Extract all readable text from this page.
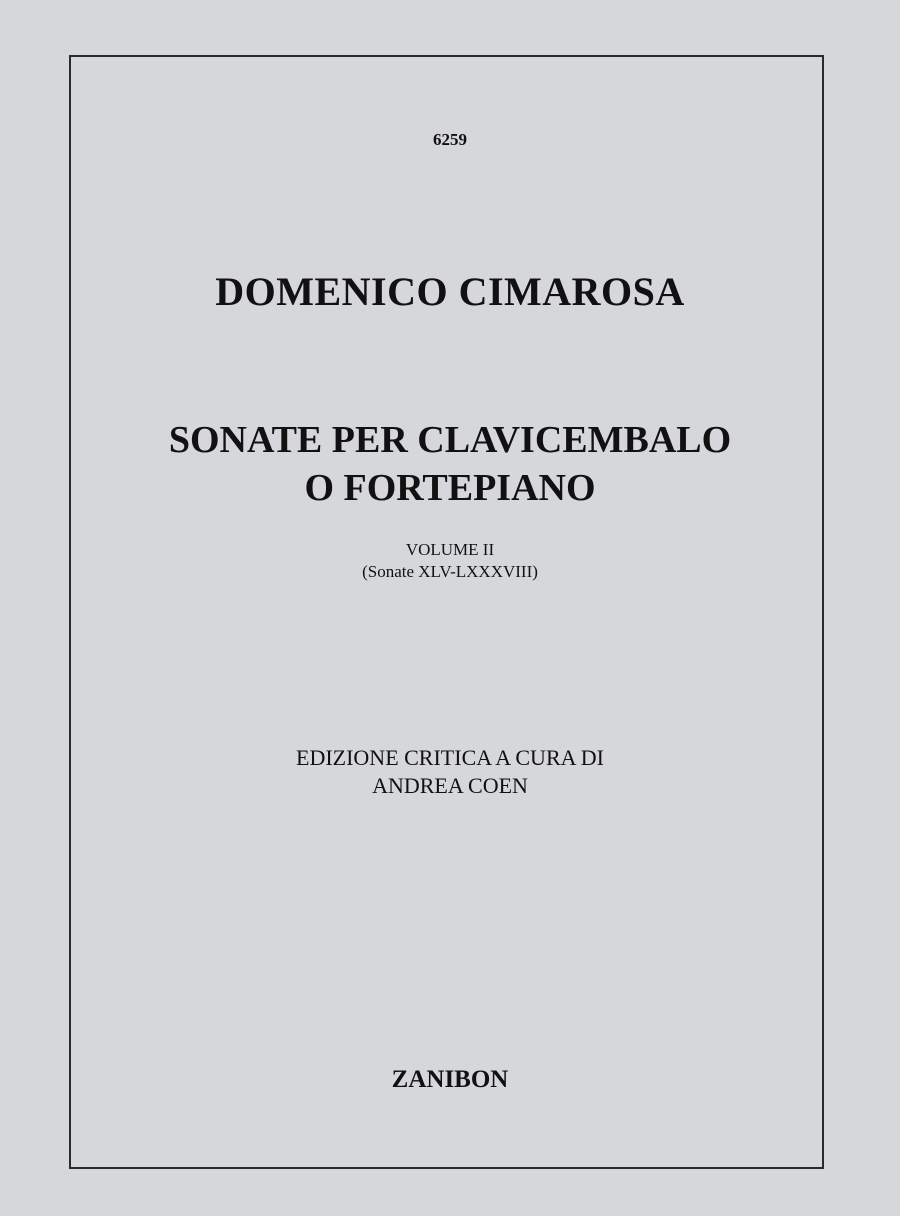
6259
DOMENICO CIMAROSA
SONATE PER CLAVICEMBALO
O FORTEPIANO
VOLUME II
(Sonate XLV-LXXXVIII)
EDIZIONE CRITICA A CURA DI
ANDREA COEN
ZANIBON
